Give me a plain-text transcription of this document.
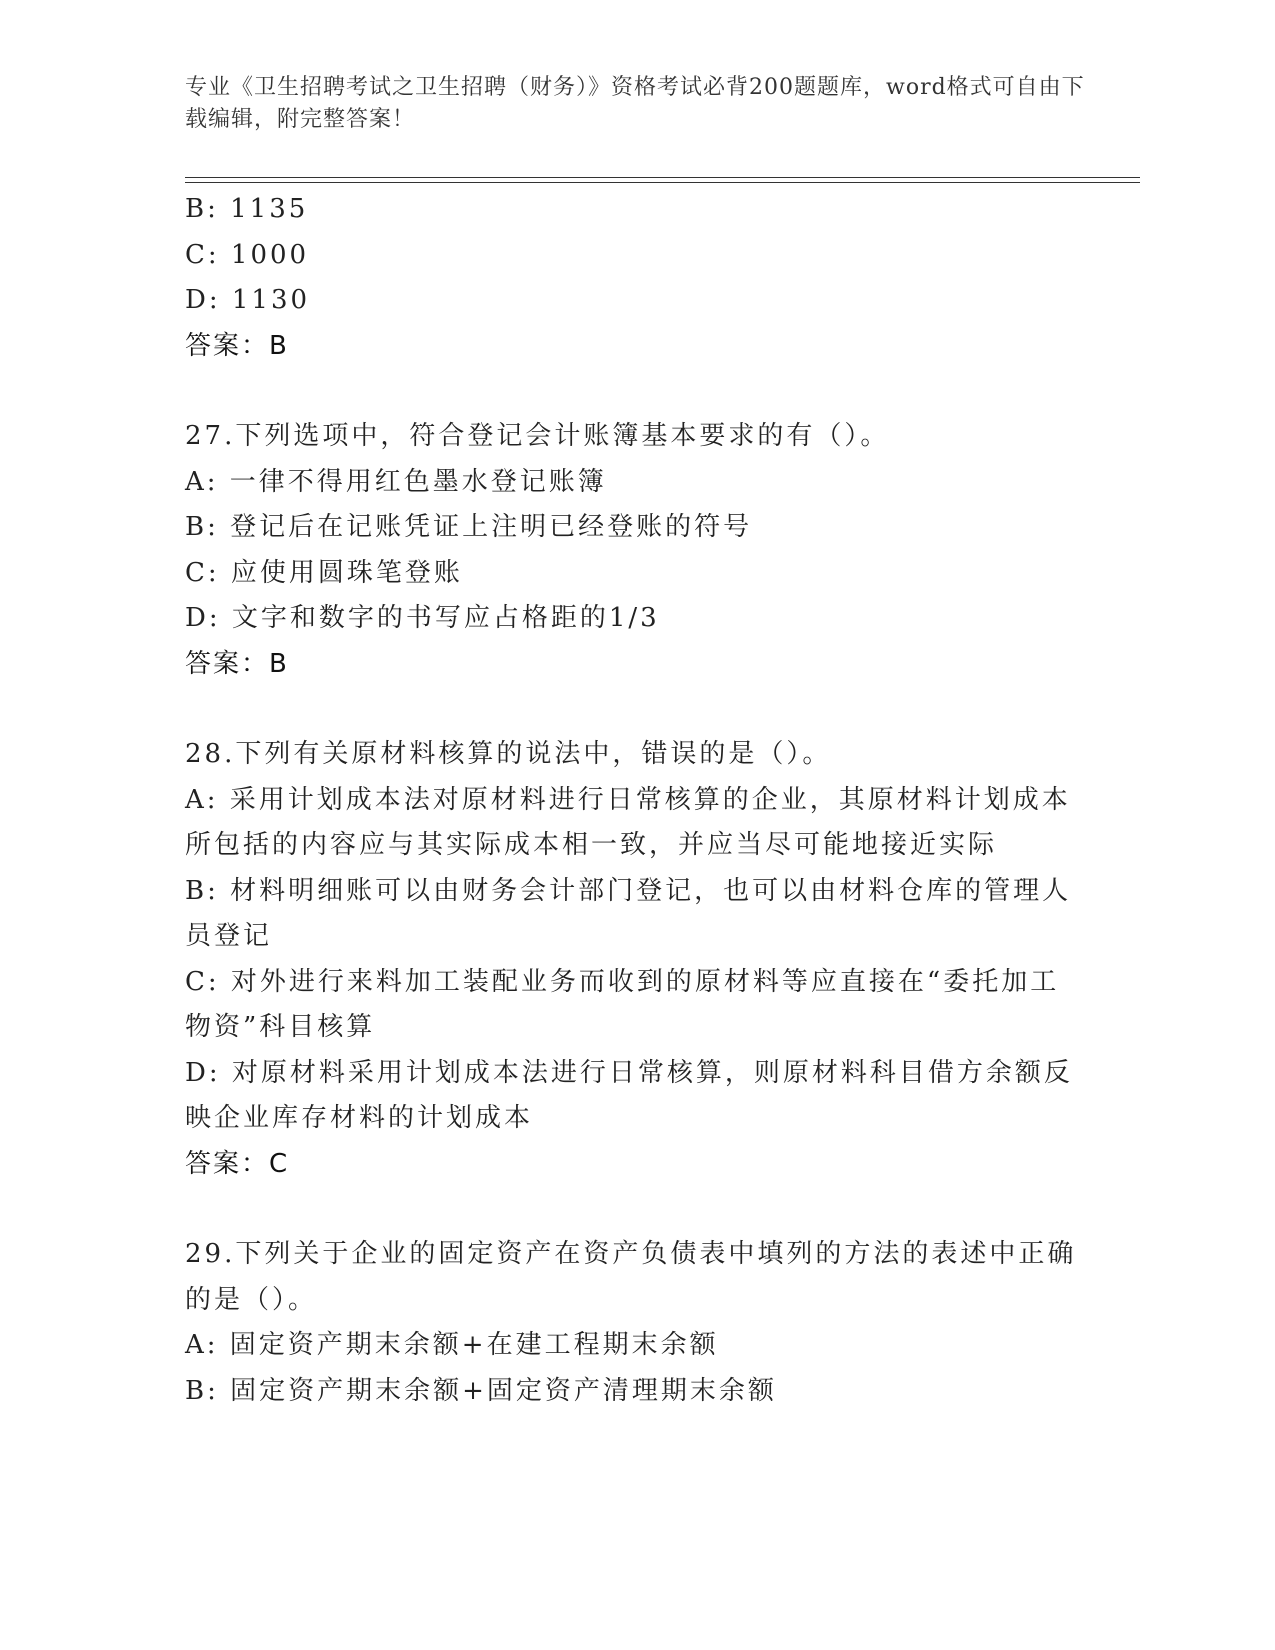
专业《卫生招聘考试之卫生招聘（财务）》资格考试必背200题题库，word格式可自由下载编辑，附完整答案！
B: 1135
C: 1000
D: 1130
答案：B
27.下列选项中，符合登记会计账簿基本要求的有（）。
A: 一律不得用红色墨水登记账簿
B: 登记后在记账凭证上注明已经登账的符号
C: 应使用圆珠笔登账
D: 文字和数字的书写应占格距的1/3
答案：B
28.下列有关原材料核算的说法中，错误的是（）。
A: 采用计划成本法对原材料进行日常核算的企业，其原材料计划成本所包括的内容应与其实际成本相一致，并应当尽可能地接近实际
B: 材料明细账可以由财务会计部门登记，也可以由材料仓库的管理人员登记
C: 对外进行来料加工装配业务而收到的原材料等应直接在“委托加工物资”科目核算
D: 对原材料采用计划成本法进行日常核算，则原材料科目借方余额反映企业库存材料的计划成本
答案：C
29.下列关于企业的固定资产在资产负债表中填列的方法的表述中正确的是（）。
A: 固定资产期末余额+在建工程期末余额
B: 固定资产期末余额+固定资产清理期末余额
